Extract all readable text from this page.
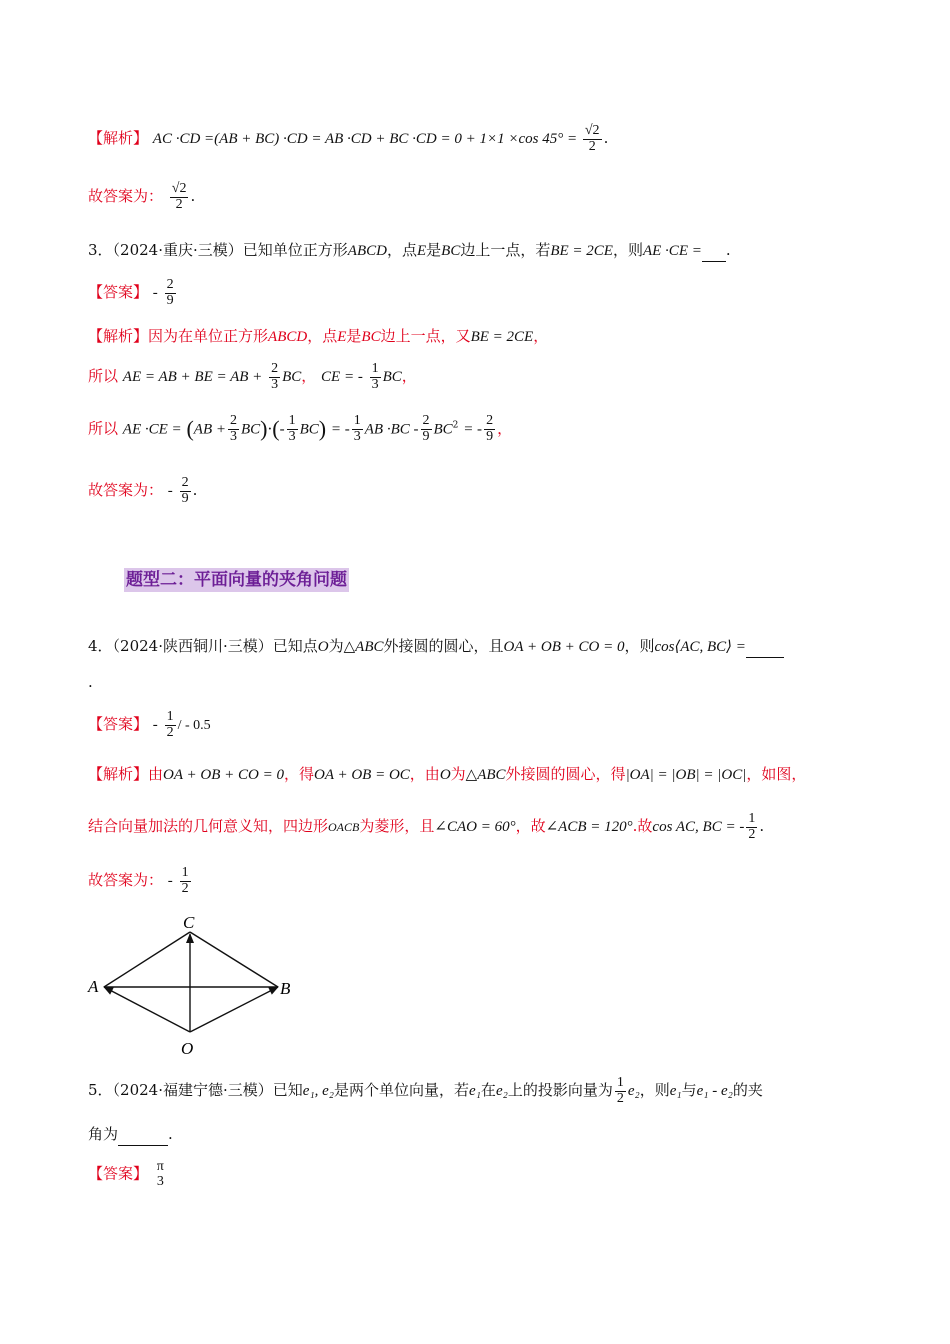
【解析】 AC ·CD =(AB + BC) ·CD = AB ·CD + BC ·CD = 0 + 1×1 ×cos $45^\circ = \frac{√2}{2}$ .
故答案为： $\frac{√2}{2}$ .
3．（2024·重庆·三模）已知单位正方形ABCD，点E是BC边上一点，若BE = 2CE，则AE ·CE = .
【答案】 - $\frac{2}{9}$
【解析】因为在单位正方形ABCD，点E是BC边上一点，又BE = 2CE，
所以 AE = AB + BE = AB + $\frac{2}{3}$ BC， CE = - $\frac{1}{3}$ BC，
所以 AE $\cdot CE = (AB + \frac{2}{3} BC)\cdot(- \frac{1}{3} BC)$ = - $\frac{1}{3}$ AB $\cdot BC - \frac{2}{9} BC^2$ = - $\frac{2}{9}$ ，
故答案为： - $\frac{2}{9}$ .
题型二：平面向量的夹角问题
4．（2024·陕西铜川·三模）已知点O为△ABC外接圆的圆心，且OA + OB + CO = 0，则cos⟨AC, BC⟩ =
.
【答案】 - $\frac{1}{2}$ / - 0.5
【解析】由OA + OB + CO = 0，得OA + OB = OC，由O为△ABC外接圆的圆心，得|OA| = |OB| = |OC|，如图，
结合向量加法的几何意义知，四边形OACB为菱形，且∠CAO = 60°，故∠ACB = 120°.故cos AC, BC = - $\frac{1}{2}$ .
故答案为： - $\frac{1}{2}$
C
A	B
O
5．（2024·福建宁德·三模）已知e₁, e₂是两个单位向量，若e₁在e₂上的投影向量为 $\frac{1}{2} e_2$，则e₁与e₁ - e₂的夹
角为	.
【答案】 π
3
